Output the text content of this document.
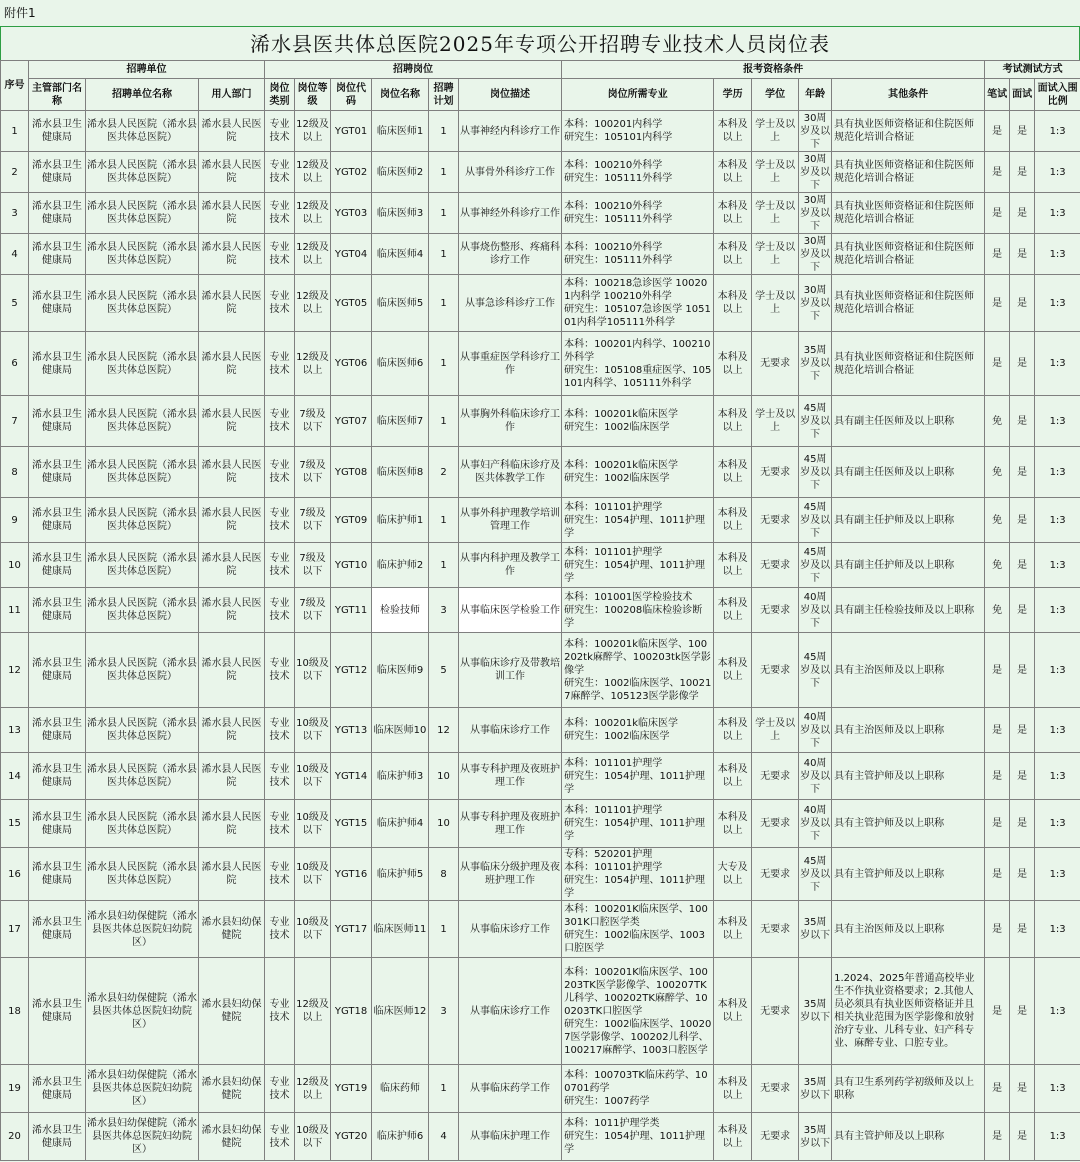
附件1
浠水县医共体总医院2025年专项公开招聘专业技术人员岗位表
序号	招聘单位			招聘岗位						报考资格条件					考试测试方式		
	主管部门名称	招聘单位名称	用人部门	岗位类别	岗位等级	岗位代码	岗位名称	招聘计划	岗位描述	岗位所需专业	学历	学位	年龄	其他条件	笔试	面试	面试入围比例
1	浠水县卫生健康局	浠水县人民医院（浠水县医共体总医院）	浠水县人民医院	专业技术	12级及以上	YGT01	临床医师1	1	从事神经内科诊疗工作	本科：100201内科学
研究生：105101内科学	本科及以上	学士及以上	30周岁及以下	具有执业医师资格证和住院医师规范化培训合格证	是	是	1:3
2	浠水县卫生健康局	浠水县人民医院（浠水县医共体总医院）	浠水县人民医院	专业技术	12级及以上	YGT02	临床医师2	1	从事骨外科诊疗工作	本科：100210外科学
研究生：105111外科学	本科及以上	学士及以上	30周岁及以下	具有执业医师资格证和住院医师规范化培训合格证	是	是	1:3
3	浠水县卫生健康局	浠水县人民医院（浠水县医共体总医院）	浠水县人民医院	专业技术	12级及以上	YGT03	临床医师3	1	从事神经外科诊疗工作	本科：100210外科学
研究生：105111外科学	本科及以上	学士及以上	30周岁及以下	具有执业医师资格证和住院医师规范化培训合格证	是	是	1:3
4	浠水县卫生健康局	浠水县人民医院（浠水县医共体总医院）	浠水县人民医院	专业技术	12级及以上	YGT04	临床医师4	1	从事烧伤整形、疼痛科诊疗工作	本科：100210外科学
研究生：105111外科学	本科及以上	学士及以上	30周岁及以下	具有执业医师资格证和住院医师规范化培训合格证	是	是	1:3
5	浠水县卫生健康局	浠水县人民医院（浠水县医共体总医院）	浠水县人民医院	专业技术	12级及以上	YGT05	临床医师5	1	从事急诊科诊疗工作	本科：100218急诊医学 100201内科学 100210外科学
研究生：105107急诊医学 105101内科学105111外科学	本科及以上	学士及以上	30周岁及以下	具有执业医师资格证和住院医师规范化培训合格证	是	是	1:3
6	浠水县卫生健康局	浠水县人民医院（浠水县医共体总医院）	浠水县人民医院	专业技术	12级及以上	YGT06	临床医师6	1	从事重症医学科诊疗工作	本科：100201内科学、100210外科学
研究生：105108重症医学、105101内科学、105111外科学	本科及以上	无要求	35周岁及以下	具有执业医师资格证和住院医师规范化培训合格证	是	是	1:3
7	浠水县卫生健康局	浠水县人民医院（浠水县医共体总医院）	浠水县人民医院	专业技术	7级及以下	YGT07	临床医师7	1	从事胸外科临床诊疗工作	本科：100201k临床医学
研究生：1002临床医学	本科及以上	学士及以上	45周岁及以下	具有副主任医师及以上职称	免	是	1:3
8	浠水县卫生健康局	浠水县人民医院（浠水县医共体总医院）	浠水县人民医院	专业技术	7级及以下	YGT08	临床医师8	2	从事妇产科临床诊疗及医共体教学工作	本科：100201k临床医学
研究生：1002临床医学	本科及以上	无要求	45周岁及以下	具有副主任医师及以上职称	免	是	1:3
9	浠水县卫生健康局	浠水县人民医院（浠水县医共体总医院）	浠水县人民医院	专业技术	7级及以下	YGT09	临床护师1	1	从事外科护理教学培训管理工作	本科：101101护理学
研究生：1054护理、1011护理学	本科及以上	无要求	45周岁及以下	具有副主任护师及以上职称	免	是	1:3
10	浠水县卫生健康局	浠水县人民医院（浠水县医共体总医院）	浠水县人民医院	专业技术	7级及以下	YGT10	临床护师2	1	从事内科护理及教学工作	本科：101101护理学
研究生：1054护理、1011护理学	本科及以上	无要求	45周岁及以下	具有副主任护师及以上职称	免	是	1:3
11	浠水县卫生健康局	浠水县人民医院（浠水县医共体总医院）	浠水县人民医院	专业技术	7级及以下	YGT11	检验技师	3	从事临床医学检验工作	本科：101001医学检验技术
研究生：100208临床检验诊断学	本科及以上	无要求	40周岁及以下	具有副主任检验技师及以上职称	免	是	1:3
12	浠水县卫生健康局	浠水县人民医院（浠水县医共体总医院）	浠水县人民医院	专业技术	10级及以下	YGT12	临床医师9	5	从事临床诊疗及带教培训工作	本科：100201k临床医学、100202tk麻醉学、100203tk医学影像学
研究生：1002临床医学、100217麻醉学、105123医学影像学	本科及以上	无要求	45周岁及以下	具有主治医师及以上职称	是	是	1:3
13	浠水县卫生健康局	浠水县人民医院（浠水县医共体总医院）	浠水县人民医院	专业技术	10级及以下	YGT13	临床医师10	12	从事临床诊疗工作	本科：100201k临床医学
研究生：1002临床医学	本科及以上	学士及以上	40周岁及以下	具有主治医师及以上职称	是	是	1:3
14	浠水县卫生健康局	浠水县人民医院（浠水县医共体总医院）	浠水县人民医院	专业技术	10级及以下	YGT14	临床护师3	10	从事专科护理及夜班护理工作	本科：101101护理学
研究生：1054护理、1011护理学	本科及以上	无要求	40周岁及以下	具有主管护师及以上职称	是	是	1:3
15	浠水县卫生健康局	浠水县人民医院（浠水县医共体总医院）	浠水县人民医院	专业技术	10级及以下	YGT15	临床护师4	10	从事专科护理及夜班护理工作	本科：101101护理学
研究生：1054护理、1011护理学	本科及以上	无要求	40周岁及以下	具有主管护师及以上职称	是	是	1:3
16	浠水县卫生健康局	浠水县人民医院（浠水县医共体总医院）	浠水县人民医院	专业技术	10级及以下	YGT16	临床护师5	8	从事临床分级护理及夜班护理工作	专科：520201护理
本科：101101护理学
研究生：1054护理、1011护理学	大专及以上	无要求	45周岁及以下	具有主管护师及以上职称	是	是	1:3
17	浠水县卫生健康局	浠水县妇幼保健院（浠水县医共体总医院妇幼院区）	浠水县妇幼保健院	专业技术	10级及以下	YGT17	临床医师11	1	从事临床诊疗工作	本科：100201K临床医学、100301K口腔医学类
研究生：1002临床医学、1003口腔医学	本科及以上	无要求	35周岁以下	具有主治医师及以上职称	是	是	1:3
18	浠水县卫生健康局	浠水县妇幼保健院（浠水县医共体总医院妇幼院区）	浠水县妇幼保健院	专业技术	12级及以上	YGT18	临床医师12	3	从事临床诊疗工作	本科：100201K临床医学、100203TK医学影像学、100207TK儿科学、100202TK麻醉学、100203TK口腔医学
研究生：1002临床医学、100207医学影像学、100202儿科学、100217麻醉学、1003口腔医学	本科及以上	无要求	35周岁以下	1.2024、2025年普通高校毕业生不作执业资格要求；2.其他人员必须具有执业医师资格证并且相关执业范围为医学影像和放射治疗专业、儿科专业、妇产科专业、麻醉专业、口腔专业。	是	是	1:3
19	浠水县卫生健康局	浠水县妇幼保健院（浠水县医共体总医院妇幼院区）	浠水县妇幼保健院	专业技术	12级及以上	YGT19	临床药师	1	从事临床药学工作	本科：100703TK临床药学、100701药学
研究生：1007药学	本科及以上	无要求	35周岁以下	具有卫生系列药学初级师及以上职称	是	是	1:3
20	浠水县卫生健康局	浠水县妇幼保健院（浠水县医共体总医院妇幼院区）	浠水县妇幼保健院	专业技术	10级及以下	YGT20	临床护师6	4	从事临床护理工作	本科：1011护理学类
研究生：1054护理、1011护理学	本科及以上	无要求	35周岁以下	具有主管护师及以上职称	是	是	1:3
